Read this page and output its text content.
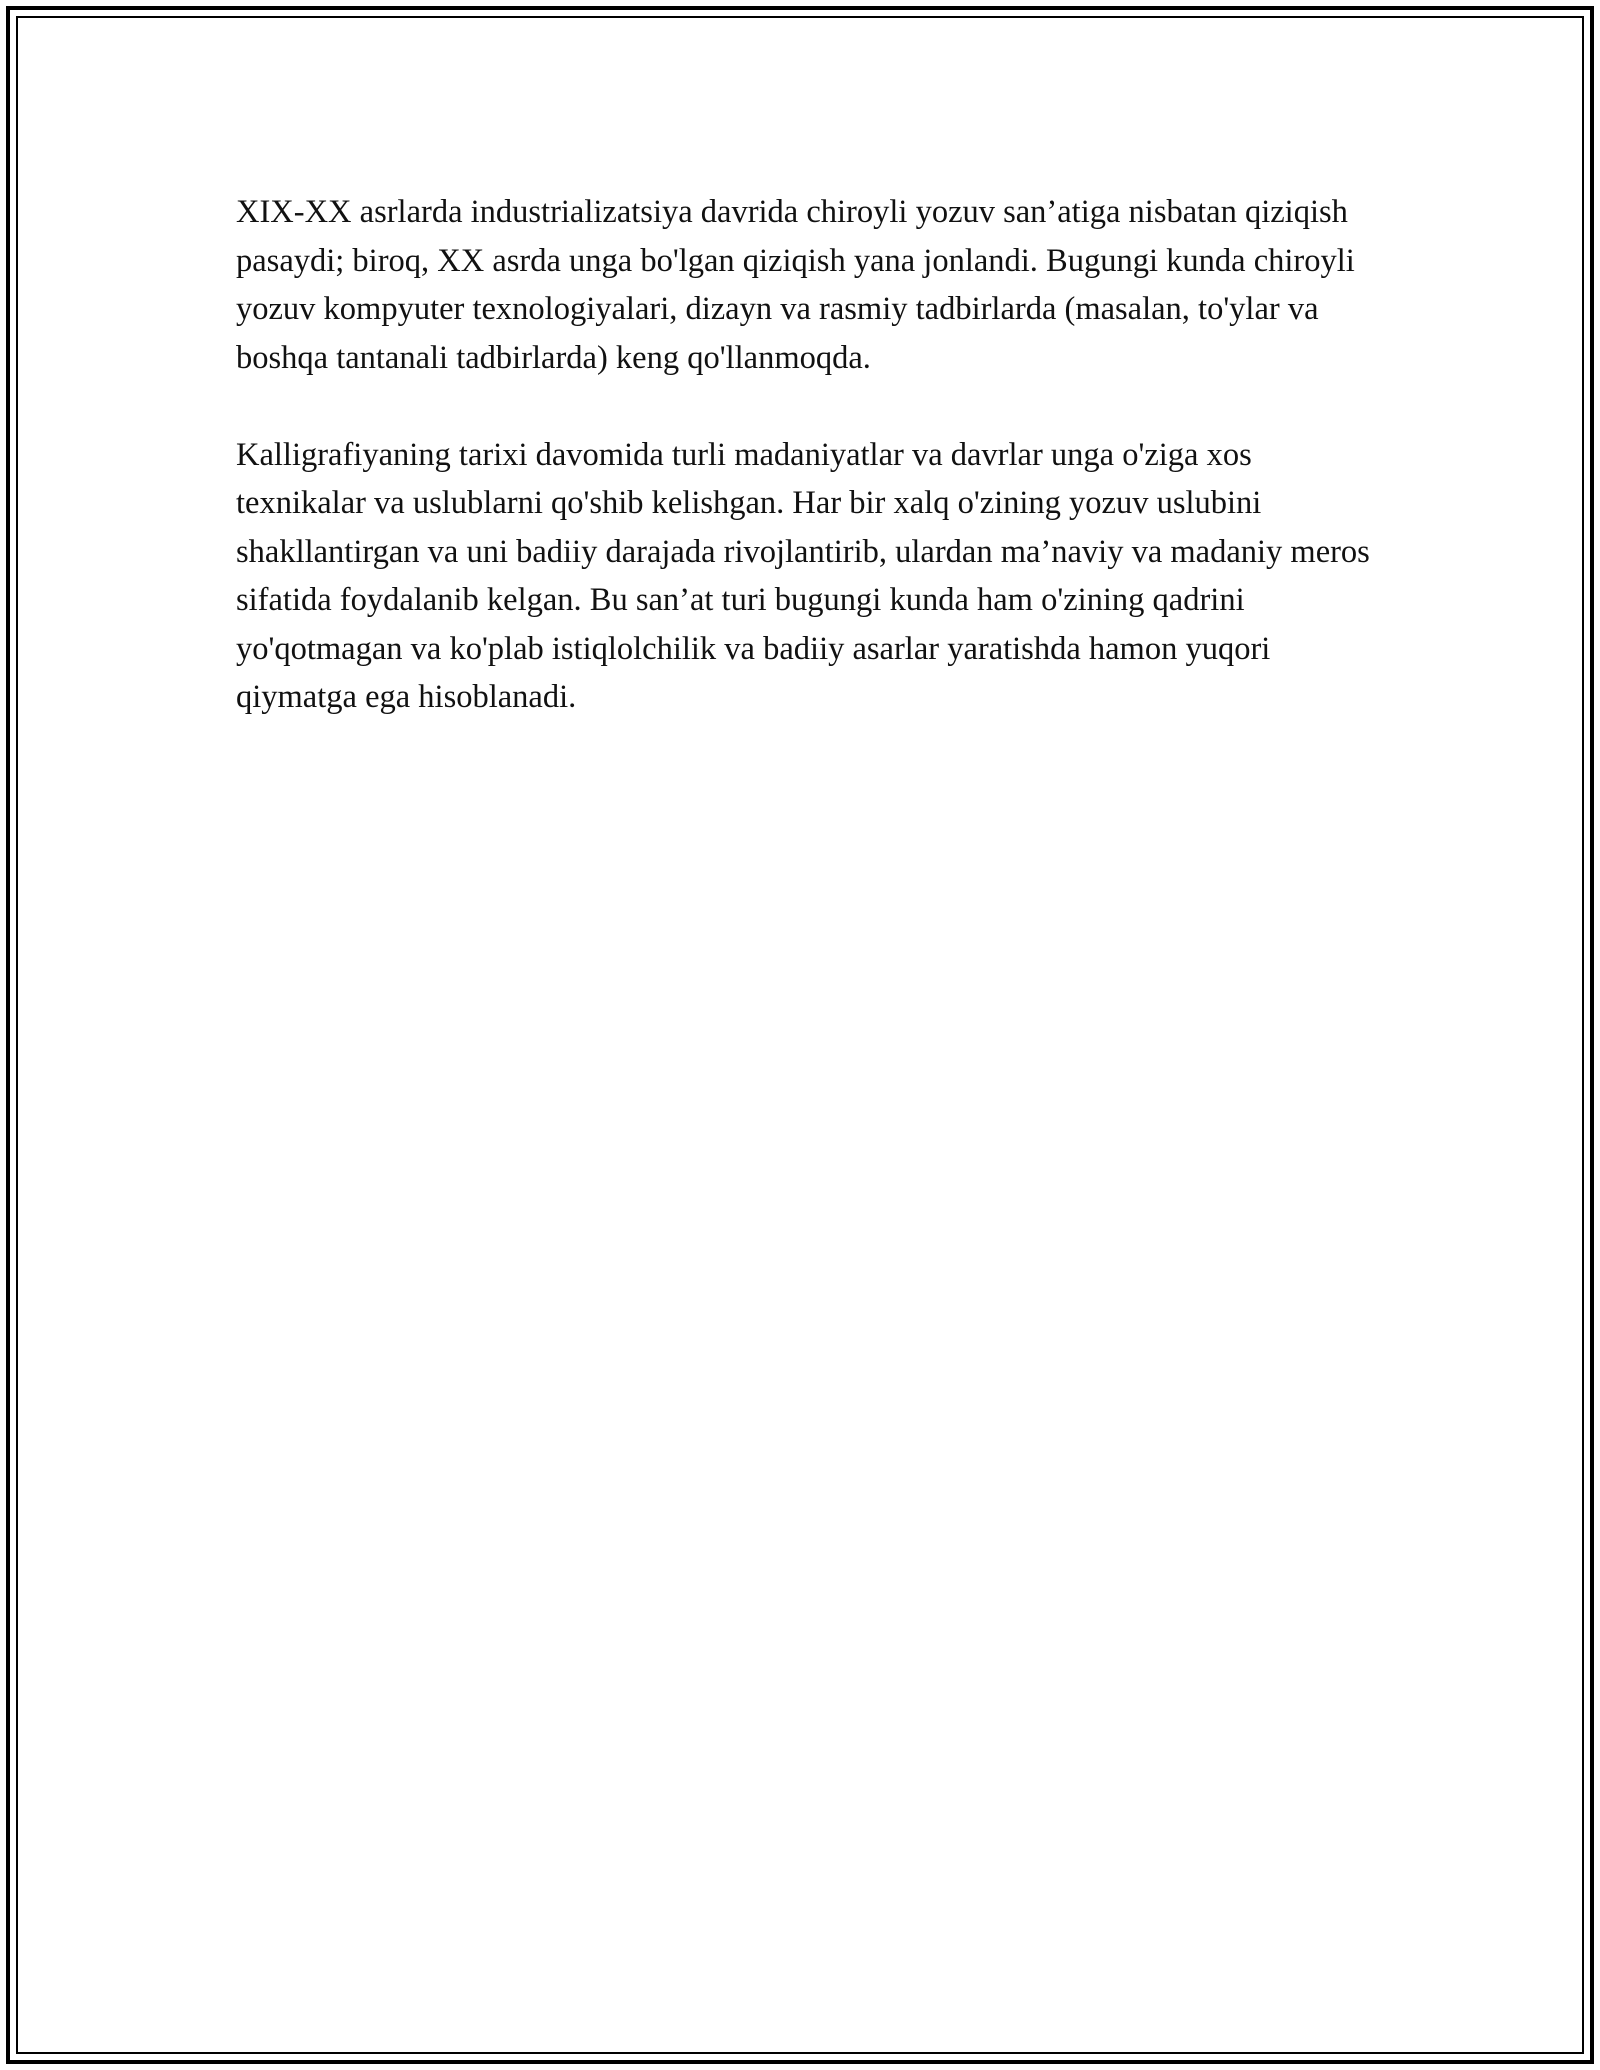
XIX-XX asrlarda industrializatsiya davrida chiroyli yozuv san’atiga nisbatan qiziqish pasaydi; biroq, XX asrda unga bo'lgan qiziqish yana jonlandi. Bugungi kunda chiroyli yozuv kompyuter texnologiyalari, dizayn va rasmiy tadbirlarda (masalan, to'ylar va boshqa tantanali tadbirlarda) keng qo'llanmoqda.

Kalligrafiyaning tarixi davomida turli madaniyatlar va davrlar unga o'ziga xos texnikalar va uslublarni qo'shib kelishgan. Har bir xalq o'zining yozuv uslubini shakllantirgan va uni badiiy darajada rivojlantirib, ulardan ma’naviy va madaniy meros sifatida foydalanib kelgan. Bu san’at turi bugungi kunda ham o'zining qadrini yo'qotmagan va ko'plab istiqlolchilik va badiiy asarlar yaratishda hamon yuqori qiymatga ega hisoblanadi.
